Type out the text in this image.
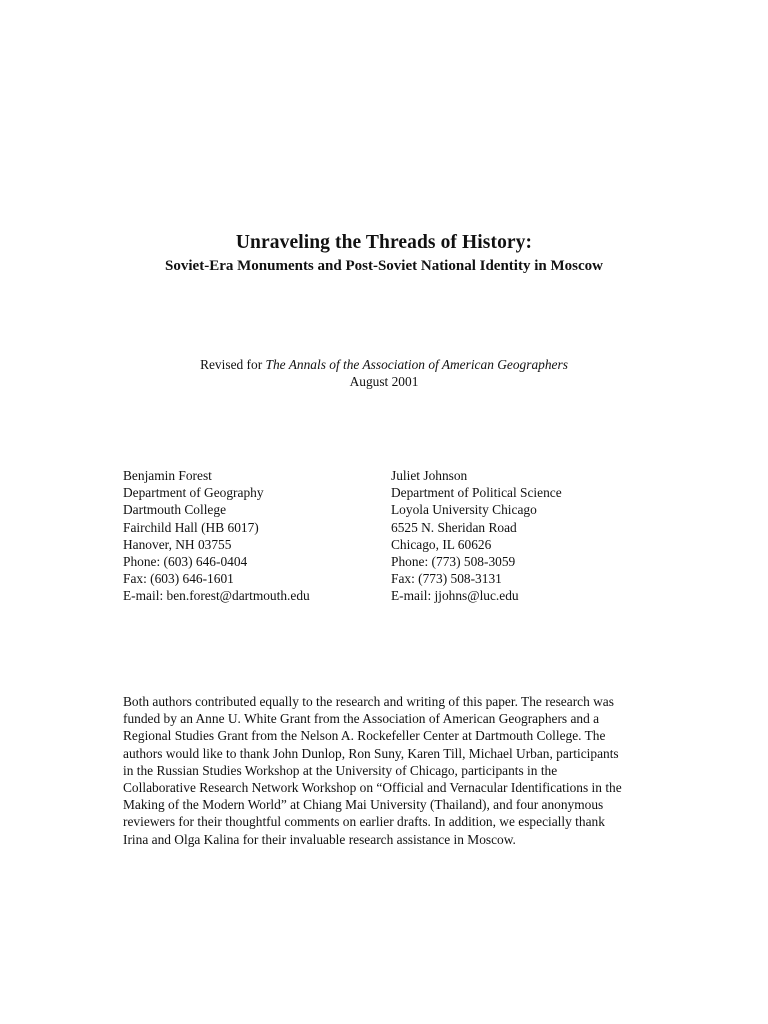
Unraveling the Threads of History:
Soviet-Era Monuments and Post-Soviet National Identity in Moscow
Revised for The Annals of the Association of American Geographers
August 2001
Benjamin Forest
Department of Geography
Dartmouth College
Fairchild Hall (HB 6017)
Hanover, NH 03755
Phone: (603) 646-0404
Fax: (603) 646-1601
E-mail: ben.forest@dartmouth.edu
Juliet Johnson
Department of Political Science
Loyola University Chicago
6525 N. Sheridan Road
Chicago, IL 60626
Phone: (773) 508-3059
Fax: (773) 508-3131
E-mail: jjohns@luc.edu
Both authors contributed equally to the research and writing of this paper. The research was
funded by an Anne U. White Grant from the Association of American Geographers and a
Regional Studies Grant from the Nelson A. Rockefeller Center at Dartmouth College. The
authors would like to thank John Dunlop, Ron Suny, Karen Till, Michael Urban, participants
in the Russian Studies Workshop at the University of Chicago, participants in the
Collaborative Research Network Workshop on “Official and Vernacular Identifications in the
Making of the Modern World” at Chiang Mai University (Thailand), and four anonymous
reviewers for their thoughtful comments on earlier drafts. In addition, we especially thank
Irina and Olga Kalina for their invaluable research assistance in Moscow.
